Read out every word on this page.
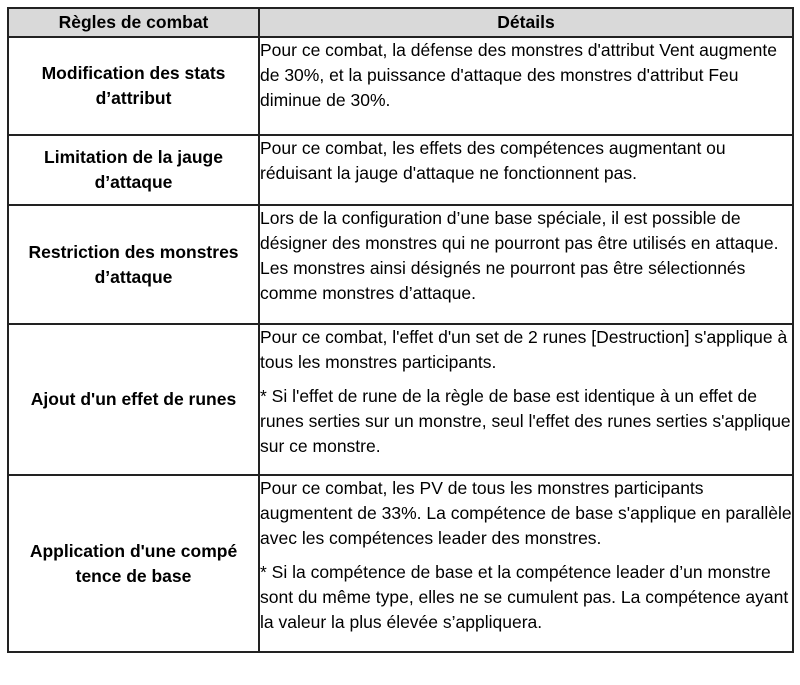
Règles de combat	Détails
Modification des stats d’attribut	Pour ce combat, la défense des monstres d'attribut Vent augmente de 30%, et la puissance d'attaque des monstres d'attribut Feu diminue de 30%.

Limitation de la jauge d’attaque	Pour ce combat, les effets des compétences augmentant ou réduisant la jauge d'attaque ne fonctionnent pas.

Restriction des monstres d’attaque	Lors de la configuration d’une base spéciale, il est possible de désigner des monstres qui ne pourront pas être utilisés en attaque. Les monstres ainsi désignés ne pourront pas être sélectionnés comme monstres d’attaque.

Ajout d'un effet de runes	Pour ce combat, l'effet d'un set de 2 runes [Destruction] s'applique à tous les monstres participants.

* Si l'effet de rune de la règle de base est identique à un effet de runes serties sur un monstre, seul l'effet des runes serties s'applique sur ce monstre.

Application d'une compé tence de base	Pour ce combat, les PV de tous les monstres participants augmentent de 33%. La compétence de base s'applique en parallèle avec les compétences leader des monstres.

* Si la compétence de base et la compétence leader d’un monstre sont du même type, elles ne se cumulent pas. La compétence ayant la valeur la plus élevée s’appliquera.
